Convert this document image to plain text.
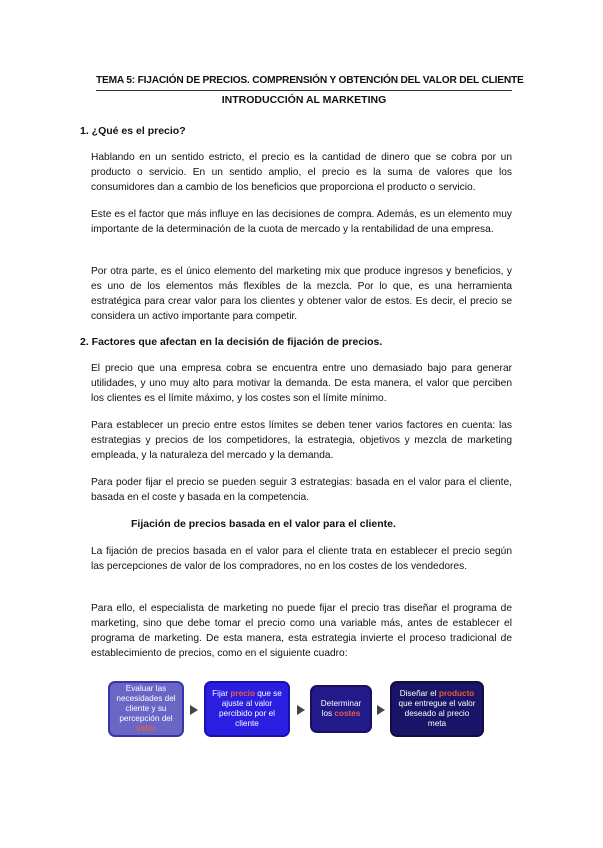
TEMA 5: FIJACIÓN DE PRECIOS. COMPRENSIÓN Y OBTENCIÓN DEL VALOR DEL CLIENTE
INTRODUCCIÓN AL MARKETING
1. ¿Qué es el precio?

Hablando en un sentido estricto, el precio es la cantidad de dinero que se cobra por un producto o servicio. En un sentido amplio, el precio es la suma de valores que los consumidores dan a cambio de los beneficios que proporciona el producto o servicio.

Este es el factor que más influye en las decisiones de compra. Además, es un elemento muy importante de la determinación de la cuota de mercado y la rentabilidad de una empresa.

Por otra parte, es el único elemento del marketing mix que produce ingresos y beneficios, y es uno de los elementos más flexibles de la mezcla. Por lo que, es una herramienta estratégica para crear valor para los clientes y obtener valor de estos. Es decir, el precio se considera un activo importante para competir.

2. Factores que afectan en la decisión de fijación de precios.

El precio que una empresa cobra se encuentra entre uno demasiado bajo para generar utilidades, y uno muy alto para motivar la demanda. De esta manera, el valor que perciben los clientes es el límite máximo, y los costes son el límite mínimo.

Para establecer un precio entre estos límites se deben tener varios factores en cuenta: las estrategias y precios de los competidores, la estrategia, objetivos y mezcla de marketing empleada, y la naturaleza del mercado y la demanda.

Para poder fijar el precio se pueden seguir 3 estrategias: basada en el valor para el cliente, basada en el coste y basada en la competencia.

Fijación de precios basada en el valor para el cliente.

La fijación de precios basada en el valor para el cliente trata en establecer el precio según las percepciones de valor de los compradores, no en los costes de los vendedores.

Para ello, el especialista de marketing no puede fijar el precio tras diseñar el programa de marketing, sino que debe tomar el precio como una variable más, antes de establecer el programa de marketing. De esta manera, esta estrategia invierte el proceso tradicional de establecimiento de precios, como en el siguiente cuadro:

Evaluar las necesidades del cliente y su percepción del valor
Fijar precio que se ajuste al valor percibido por el cliente
Determinar los costes
Diseñar el producto que entregue el valor deseado al precio meta
